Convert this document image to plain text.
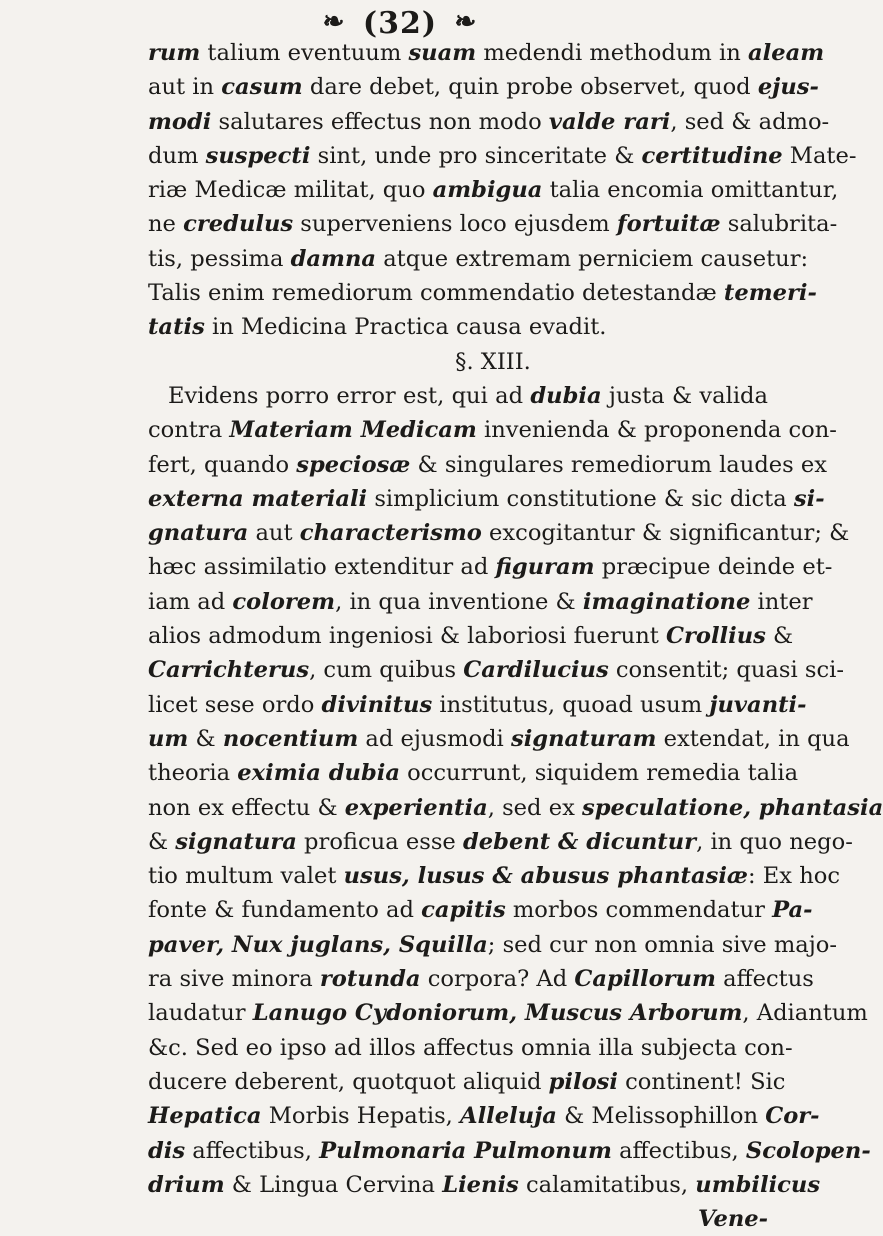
❧ (32) ❧
rum talium eventuum suam medendi methodum in aleam
aut in casum dare debet, quin probe observet, quod ejus-
modi salutares effectus non modo valde rari, sed & admo-
dum suspecti sint, unde pro sinceritate & certitudine Mate-
riæ Medicæ militat, quo ambigua talia encomia omittantur,
ne credulus superveniens loco ejusdem fortuitæ salubrita-
tis, pessima damna atque extremam perniciem causetur:
Talis enim remediorum commendatio detestandæ temeri-
tatis in Medicina Practica causa evadit.
§. XIII.
Evidens porro error est, qui ad dubia justa & valida
contra Materiam Medicam invenienda & proponenda con-
fert, quando speciosæ & singulares remediorum laudes ex
externa materiali simplicium constitutione & sic dicta si-
gnatura aut characterismo excogitantur & significantur; &
hæc assimilatio extenditur ad figuram præcipue deinde et-
iam ad colorem, in qua inventione & imaginatione inter
alios admodum ingeniosi & laboriosi fuerunt Crollius &
Carrichterus, cum quibus Cardilucius consentit; quasi sci-
licet sese ordo divinitus institutus, quoad usum juvanti-
um & nocentium ad ejusmodi signaturam extendat, in qua
theoria eximia dubia occurrunt, siquidem remedia talia
non ex effectu & experientia, sed ex speculatione, phantasia
& signatura proficua esse debent & dicuntur, in quo nego-
tio multum valet usus, lusus & abusus phantasiæ: Ex hoc
fonte & fundamento ad capitis morbos commendatur Pa-
paver, Nux juglans, Squilla; sed cur non omnia sive majo-
ra sive minora rotunda corpora? Ad Capillorum affectus
laudatur Lanugo Cydoniorum, Muscus Arborum, Adiantum
&c. Sed eo ipso ad illos affectus omnia illa subjecta con-
ducere deberent, quotquot aliquid pilosi continent! Sic
Hepatica Morbis Hepatis, Alleluja & Melissophillon Cor-
dis affectibus, Pulmonaria Pulmonum affectibus, Scolopen-
drium & Lingua Cervina Lienis calamitatibus, umbilicus
Vene-
